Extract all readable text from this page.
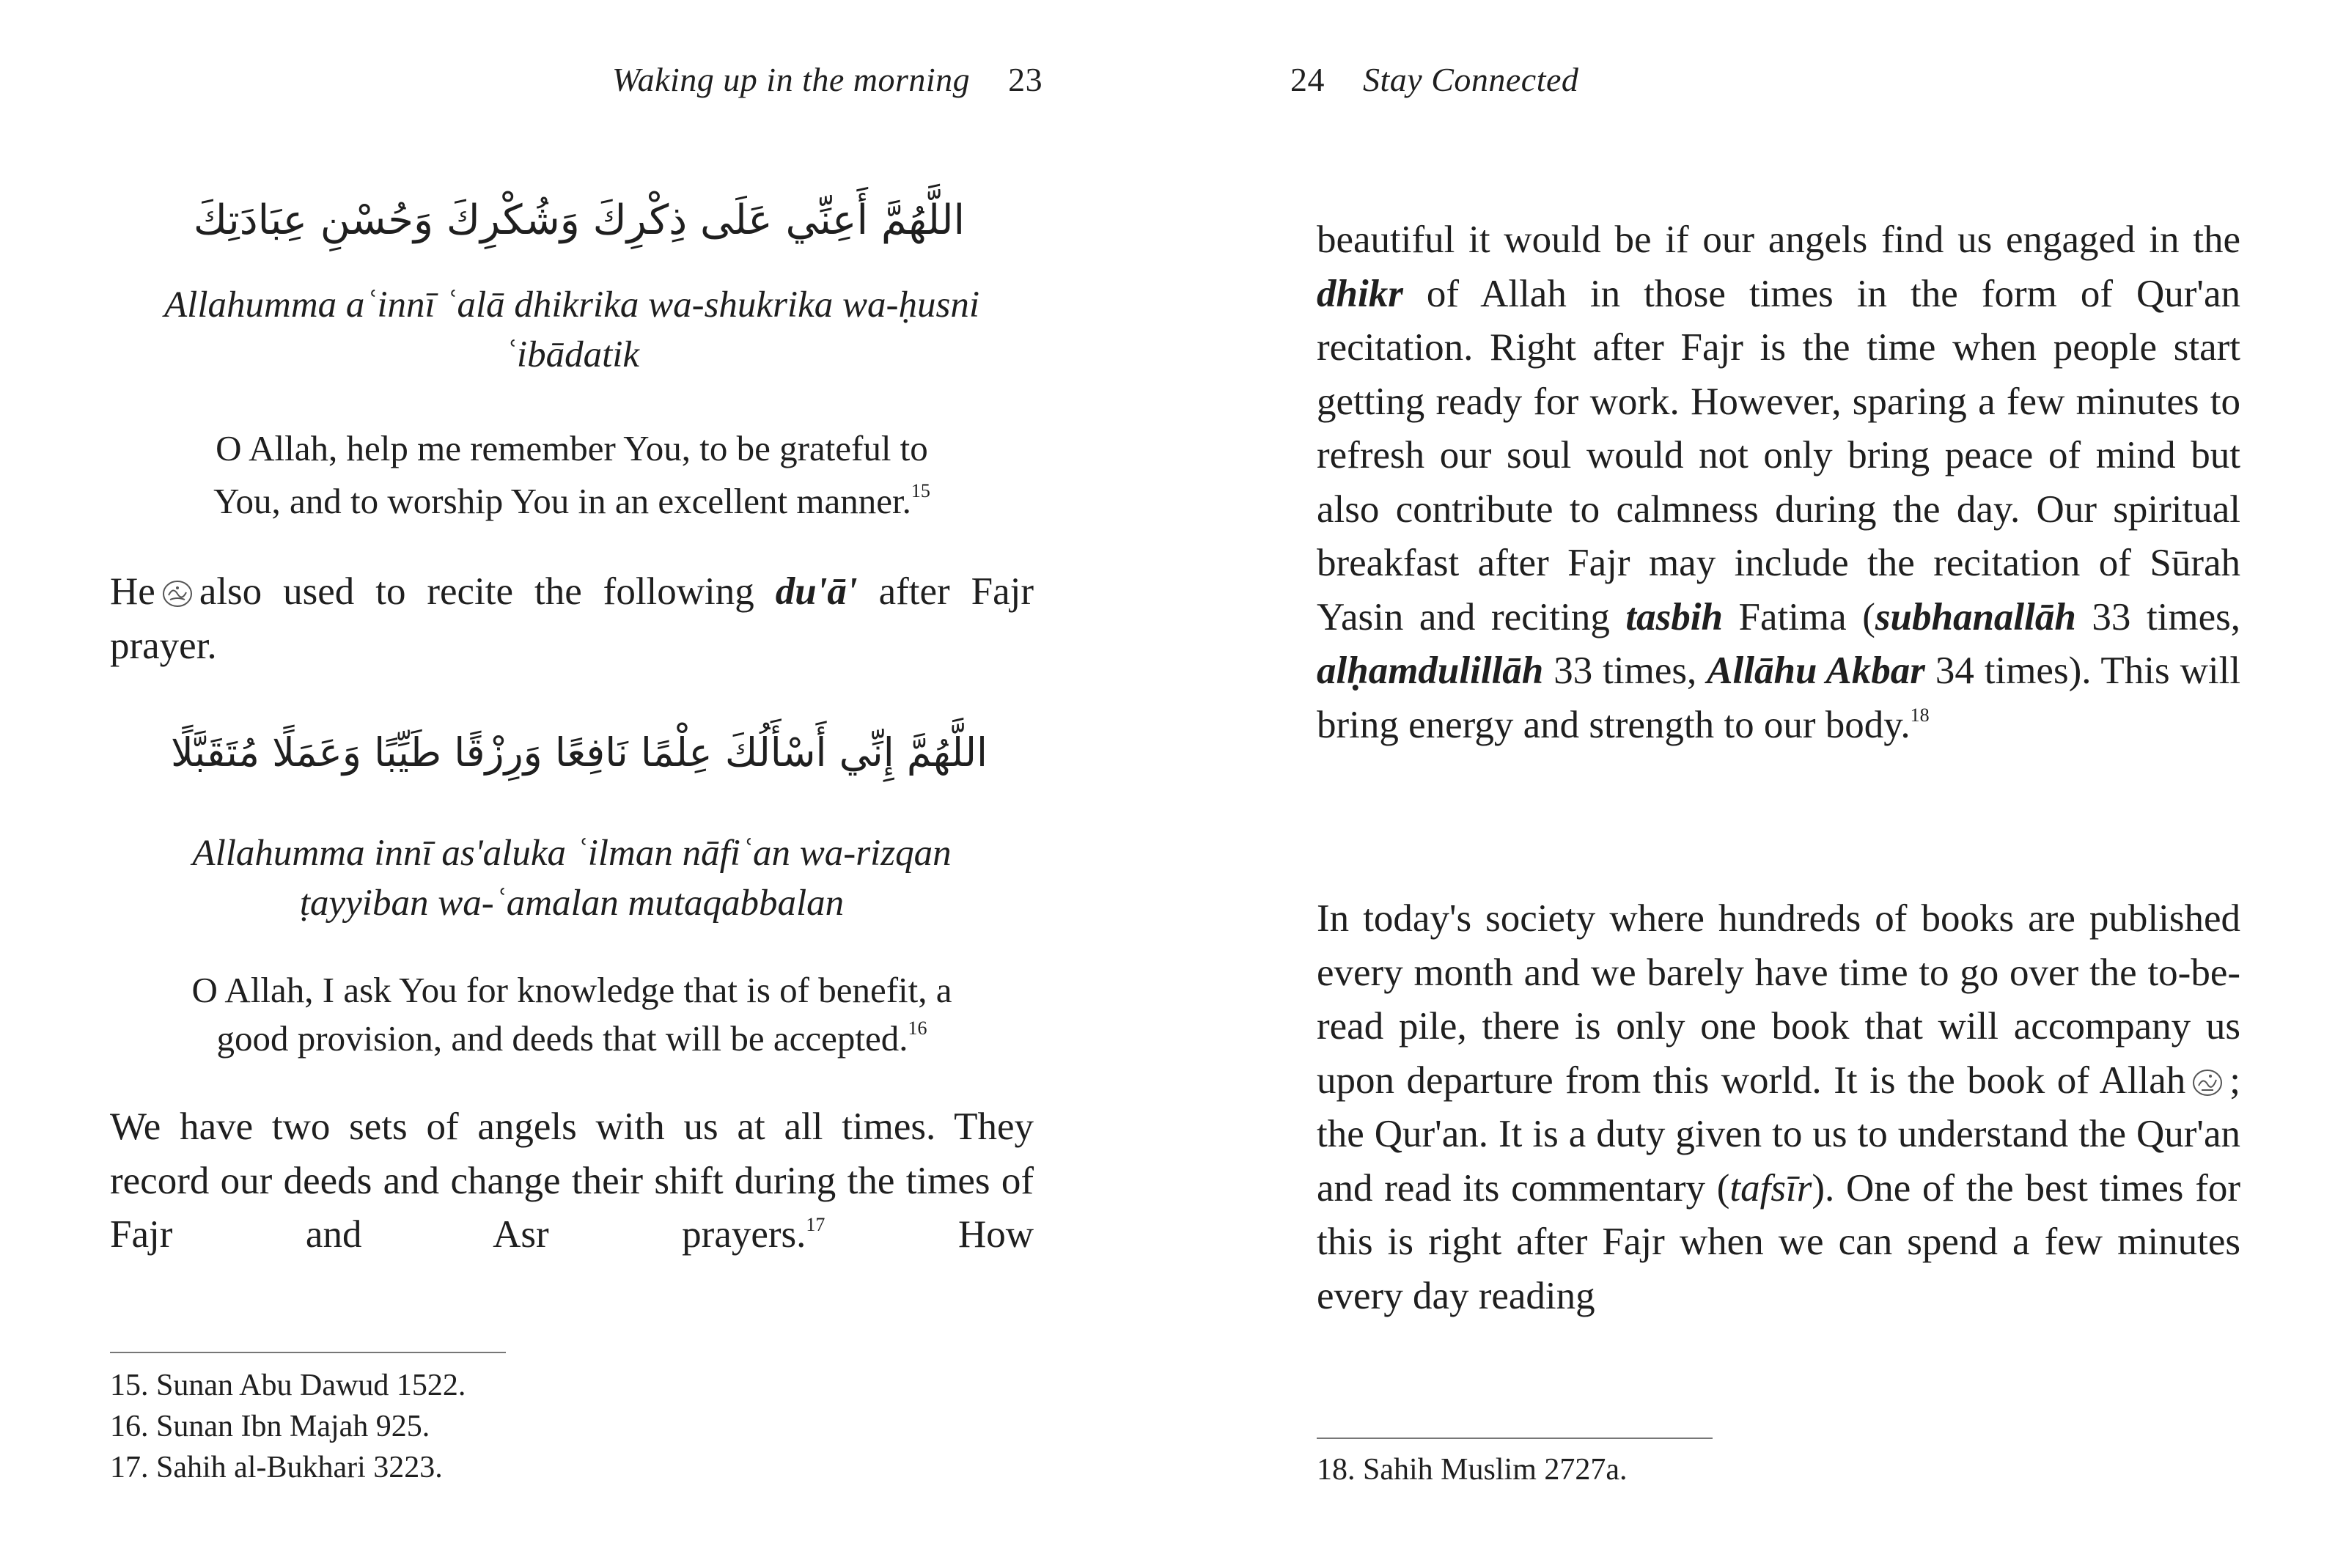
Waking up in the morning 23
اللَّهُمَّ أَعِنِّي عَلَى ذِكْرِكَ وَشُكْرِكَ وَحُسْنِ عِبَادَتِكَ
Allahumma aʿinnī ʿalā dhikrika wa-shukrika wa-ḥusni
ʿibādatik
O Allah, help me remember You, to be grateful to
You, and to worship You in an excellent manner.$^{15}$

He also used to recite the following du'ā' after Fajr prayer.

اللَّهُمَّ إِنِّي أَسْأَلُكَ عِلْمًا نَافِعًا وَرِزْقًا طَيِّبًا وَعَمَلًا مُتَقَبَّلًا
Allahumma innī as'aluka ʿilman nāfiʿan wa-rizqan
ṭayyiban wa-ʿamalan mutaqabbalan
O Allah, I ask You for knowledge that is of benefit, a
good provision, and deeds that will be accepted.$^{16}$

We have two sets of angels with us at all times. They record our deeds and change their shift during the times of Fajr and Asr prayers.$^{17}$	How

15. Sunan Abu Dawud 1522.
16. Sunan Ibn Majah 925.
17. Sahih al-Bukhari 3223.
24 Stay Connected

beautiful it would be if our angels find us engaged in the dhikr of Allah in those times in the form of Qur'an recitation. Right after Fajr is the time when people start getting ready for work. However, sparing a few minutes to refresh our soul would not only bring peace of mind but also contribute to calmness during the day. Our spiritual breakfast after Fajr may include the recitation of Sūrah Yasin and reciting tasbih Fatima (subhanallāh 33 times, alḥamdulillāh 33 times, Allāhu Akbar 34 times). This will bring energy and strength to our body.$^{18}$

In today's society where hundreds of books are published every month and we barely have time to go over the to-be-read pile, there is only one book that will accompany us upon departure from this world. It is the book of Allah ; the Qur'an. It is a duty given to us to understand the Qur'an and read its commentary (tafsīr). One of the best times for this is right after Fajr when we can spend a few minutes every day reading

18. Sahih Muslim 2727a.
